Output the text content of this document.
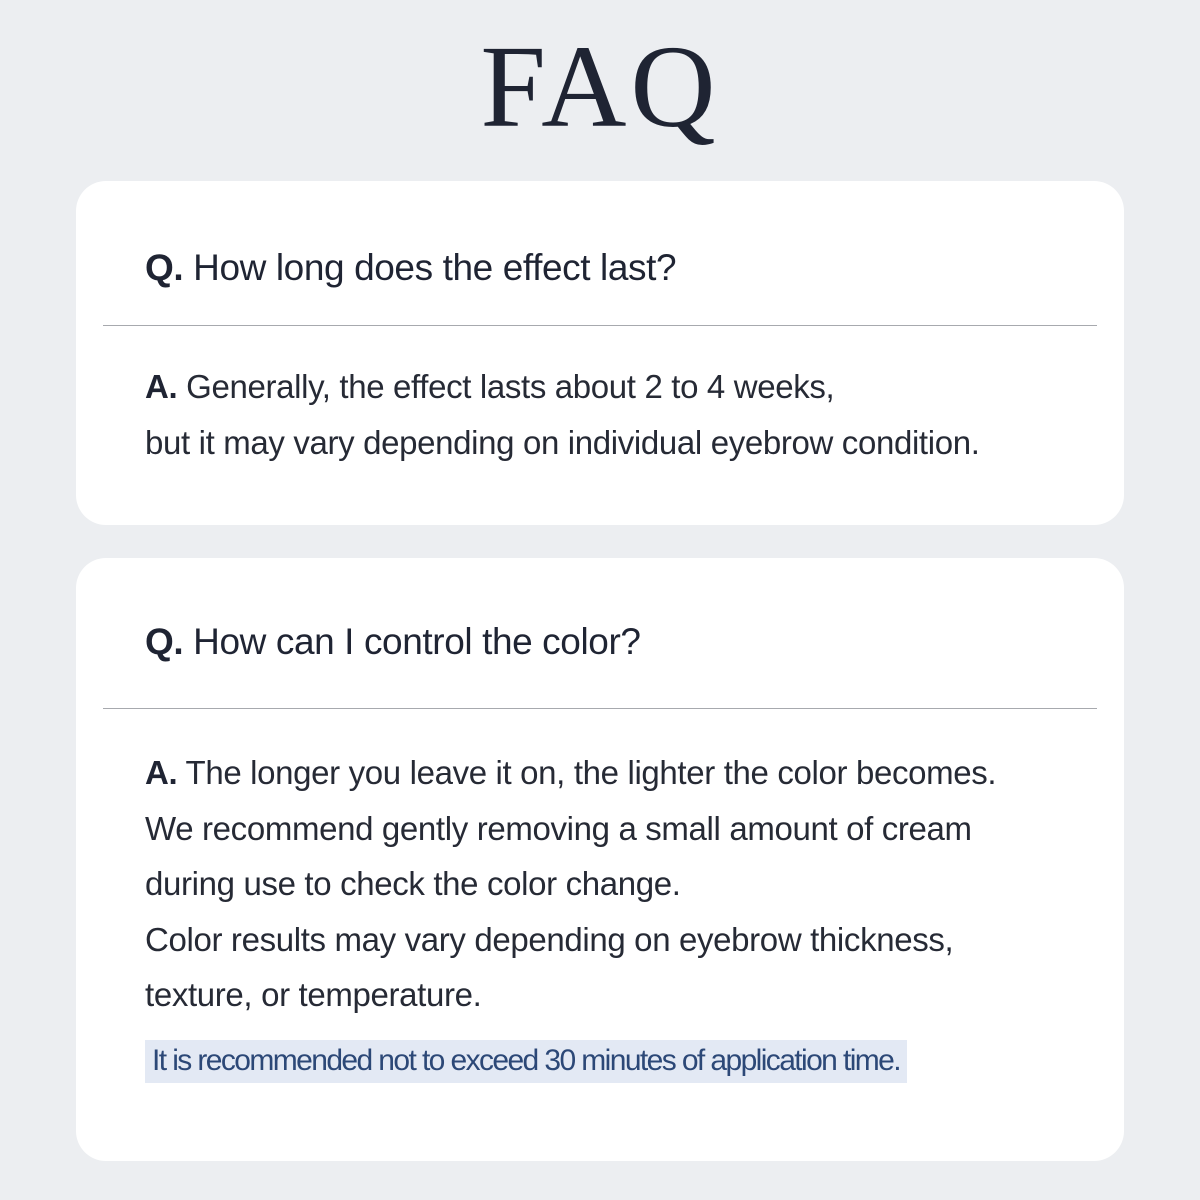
FAQ
Q. How long does the effect last?

A. Generally, the effect lasts about 2 to 4 weeks,
but it may vary depending on individual eyebrow condition.

Q. How can I control the color?

A. The longer you leave it on, the lighter the color becomes.
We recommend gently removing a small amount of cream
during use to check the color change.
Color results may vary depending on eyebrow thickness,
texture, or temperature.

It is recommended not to exceed 30 minutes of application time.
